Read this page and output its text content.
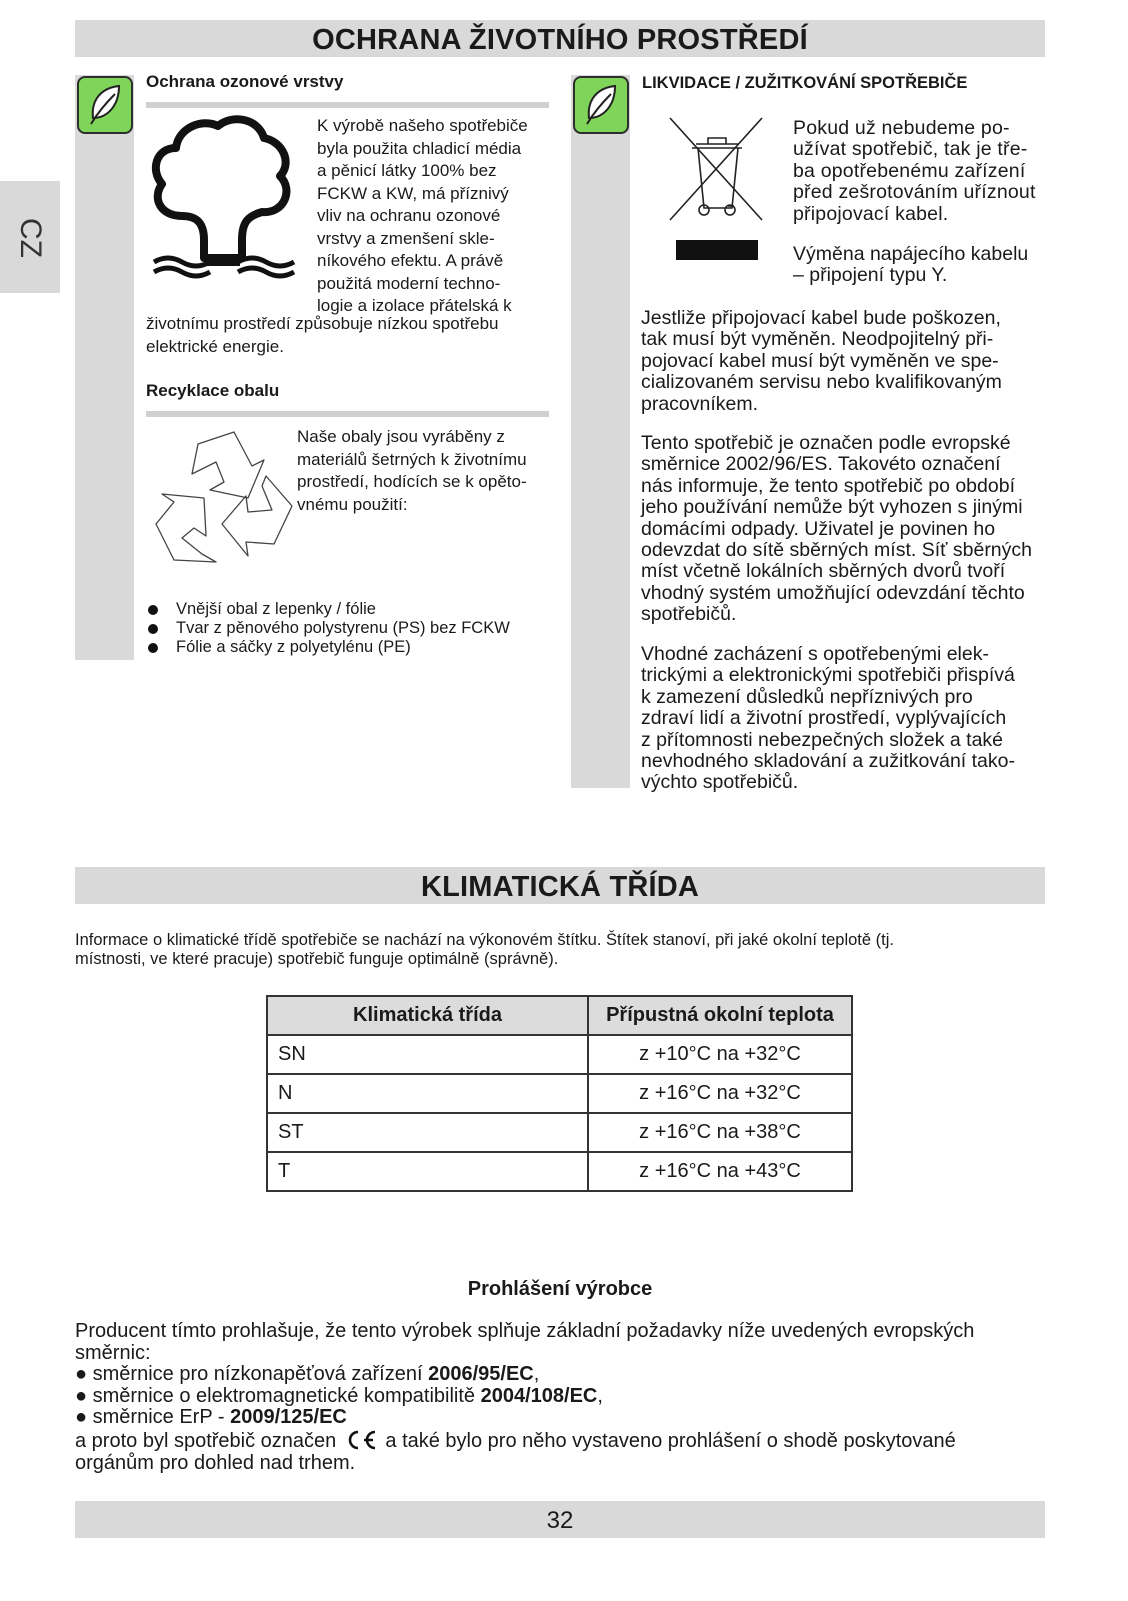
CZ
OCHRANA ŽIVOTNÍHO PROSTŘEDÍ
Ochrana ozonové vrstvy
K výrobě našeho spotřebiče
byla použita chladicí média
a pěnicí látky 100% bez
FCKW a KW, má příznivý
vliv na ochranu ozonové
vrstvy a zmenšení skle-
níkového efektu. A právě
použitá moderní techno-
logie a izolace přátelská k
životnímu prostředí způsobuje nízkou spotřebu
elektrické energie.
Recyklace obalu
Naše obaly jsou vyráběny z
materiálů šetrných k životnímu
prostředí, hodících se k opěto-
vnému použití:
Vnější obal z lepenky / fólie
Tvar z pěnového polystyrenu (PS) bez FCKW
Fólie a sáčky z polyetylénu (PE)
LIKVIDACE / ZUŽITKOVÁNÍ SPOTŘEBIČE
Pokud už nebudeme po-
užívat spotřebič, tak je tře-
ba opotřebenému zařízení
před zešrotováním uříznout
připojovací kabel.
Výměna napájecího kabelu
– připojení typu Y.
Jestliže připojovací kabel bude poškozen,
tak musí být vyměněn. Neodpojitelný při-
pojovací kabel musí být vyměněn ve spe-
cializovaném servisu nebo kvalifikovaným
pracovníkem.
Tento spotřebič je označen podle evropské
směrnice 2002/96/ES. Takovéto označení
nás informuje, že tento spotřebič po období
jeho používání nemůže být vyhozen s jinými
domácími odpady. Uživatel je povinen ho
odevzdat do sítě sběrných míst. Síť sběrných
míst včetně lokálních sběrných dvorů tvoří
vhodný systém umožňující odevzdání těchto
spotřebičů.
Vhodné zacházení s opotřebenými elek-
trickými a elektronickými spotřebiči přispívá
k zamezení důsledků nepříznivých pro
zdraví lidí a životní prostředí, vyplývajících
z přítomnosti nebezpečných složek a také
nevhodného skladování a zužitkování tako-
výchto spotřebičů.
KLIMATICKÁ TŘÍDA
Informace o klimatické třídě spotřebiče se nachází na výkonovém štítku. Štítek stanoví, při jaké okolní teplotě (tj.
místnosti, ve které pracuje) spotřebič funguje optimálně (správně).
Klimatická třída	Přípustná okolní teplota
SN	z +10°C na +32°C
N	z +16°C na +32°C
ST	z +16°C na +38°C
T	z +16°C na +43°C
Prohlášení výrobce
Producent tímto prohlašuje, že tento výrobek splňuje základní požadavky níže uvedených evropských
směrnic:
● směrnice pro nízkonapěťová zařízení 2006/95/EC,
● směrnice o elektromagnetické kompatibilitě 2004/108/EC,
● směrnice ErP - 2009/125/EC
a proto byl spotřebič označen  a také bylo pro něho vystaveno prohlášení o shodě poskytované
orgánům pro dohled nad trhem.
32
